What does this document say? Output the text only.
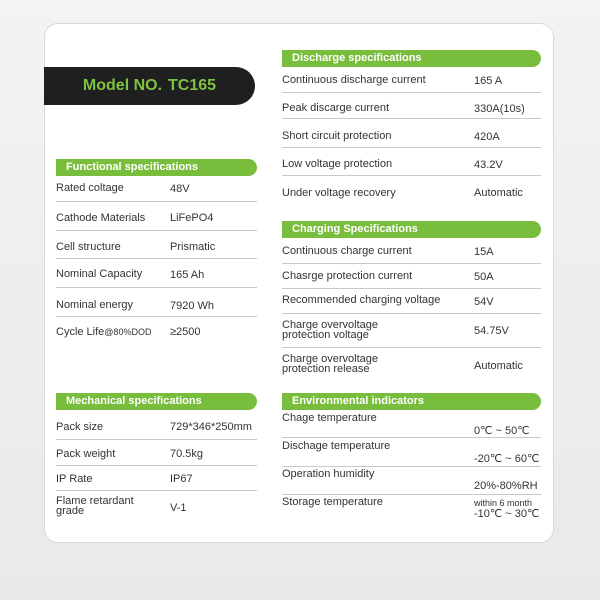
Model NO. TC165
Functional specifications
Rated coltage	48V
Cathode Materials LiFePO4
Cell structure	Prismatic
Nominal Capacity	165 Ah
Nominal energy	7920 Wh
Cycle Life@80%DOD ≥2500
Mechanical specifications
Pack size	729*346*250mm
Pack weight	70.5kg
IP Rate	IP67
Flame retardant
grade	V-1
Discharge specifications
Continuous discharge current	165 A
Peak discarge current	330A(10s)
Short circuit protection	420A
Low voltage protection	43.2V
Under voltage recovery	Automatic
Charging Specifications
Continuous charge current	15A
Chasrge protection current	50A
Recommended charging voltage	54V
Charge overvoltage
protection voltage	54.75V
Charge overvoltage
protection release	Automatic
Environmental indicators
Chage temperature
0℃ ~ 50℃
Dischage temperature
-20℃ ~ 60℃
Operation humidity
20%-80%RH
Storage temperature	within 6 month
-10℃ ~ 30℃
